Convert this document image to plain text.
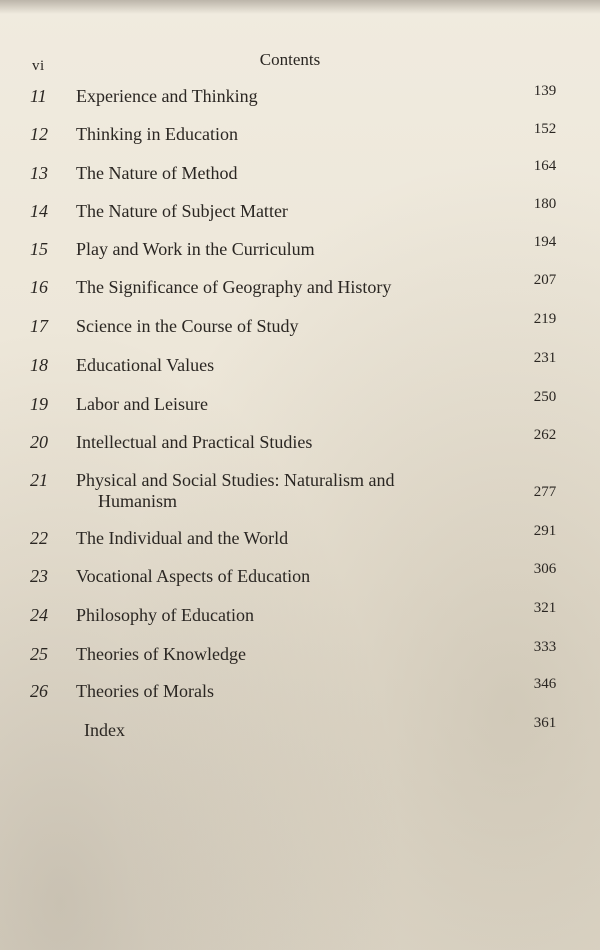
vi	Contents
11	Experience and Thinking	139
12	Thinking in Education	152
13	The Nature of Method	164
14	The Nature of Subject Matter	180
15	Play and Work in the Curriculum	194
16	The Significance of Geography and History	207
17	Science in the Course of Study	219
18	Educational Values	231
19	Labor and Leisure	250
20	Intellectual and Practical Studies	262
21	Physical and Social Studies: Naturalism and
Humanism	277
22	The Individual and the World	291
23	Vocational Aspects of Education	306
24	Philosophy of Education	321
25	Theories of Knowledge	333
26	Theories of Morals	346
Index	361
